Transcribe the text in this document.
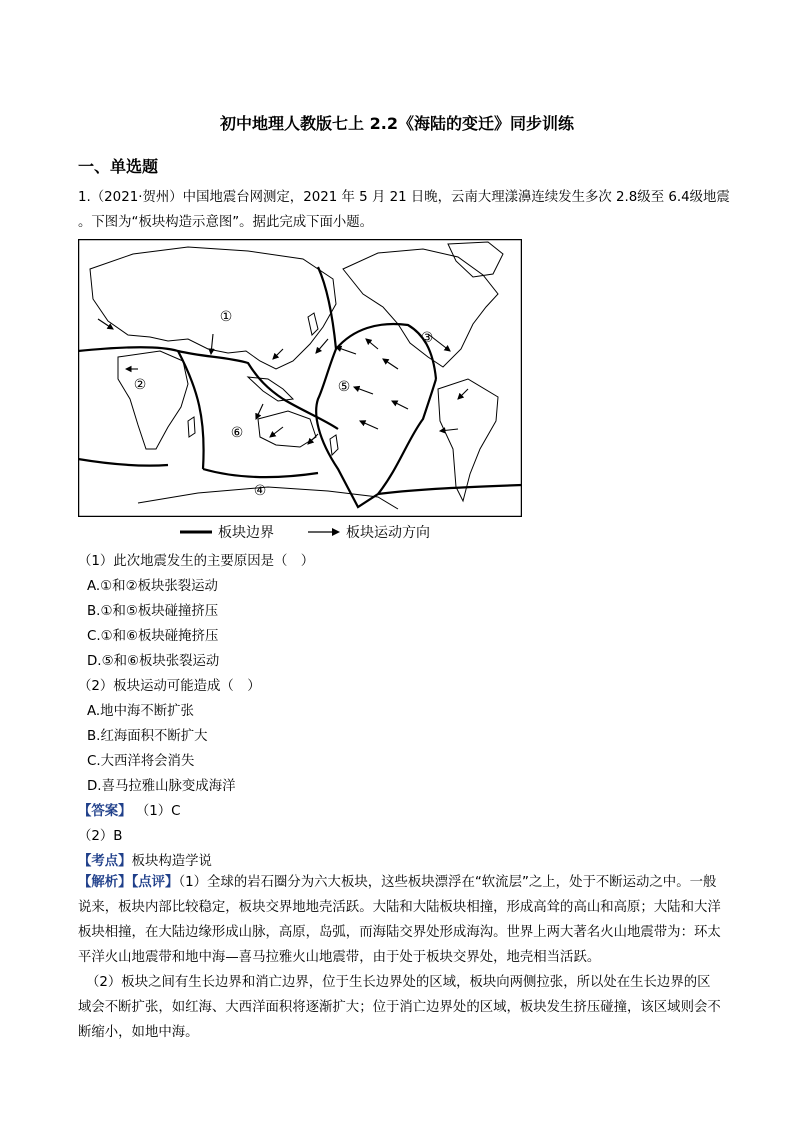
初中地理人教版七上 2.2《海陆的变迁》同步训练
一、单选题
1.（2021·贺州）中国地震台网测定，2021 年 5 月 21 日晚，云南大理漾濞连续发生多次 2.8级至 6.4级地震
。下图为“板块构造示意图”。据此完成下面小题。
①
②
③
④
⑤
⑥
板块边界	板块运动方向
（1）此次地震发生的主要原因是（　）
A.①和②板块张裂运动
B.①和⑤板块碰撞挤压
C.①和⑥板块碰掩挤压
D.⑤和⑥板块张裂运动
（2）板块运动可能造成（　）
A.地中海不断扩张
B.红海面积不断扩大
C.大西洋将会消失
D.喜马拉雅山脉变成海洋
【答案】 （1）C
（2）B
【考点】板块构造学说
【解析】【点评】（1）全球的岩石圈分为六大板块，这些板块漂浮在“软流层”之上，处于不断运动之中。一般说来，板块内部比较稳定，板块交界地地壳活跃。大陆和大陆板块相撞，形成高耸的高山和高原；大陆和大洋板块相撞，在大陆边缘形成山脉，高原，岛弧，而海陆交界处形成海沟。世界上两大著名火山地震带为：环太平洋火山地震带和地中海—喜马拉雅火山地震带，由于处于板块交界处，地壳相当活跃。
（2）板块之间有生长边界和消亡边界，位于生长边界处的区域，板块向两侧拉张，所以处在生长边界的区域会不断扩张，如红海、大西洋面积将逐渐扩大；位于消亡边界处的区域，板块发生挤压碰撞，该区域则会不断缩小，如地中海。
